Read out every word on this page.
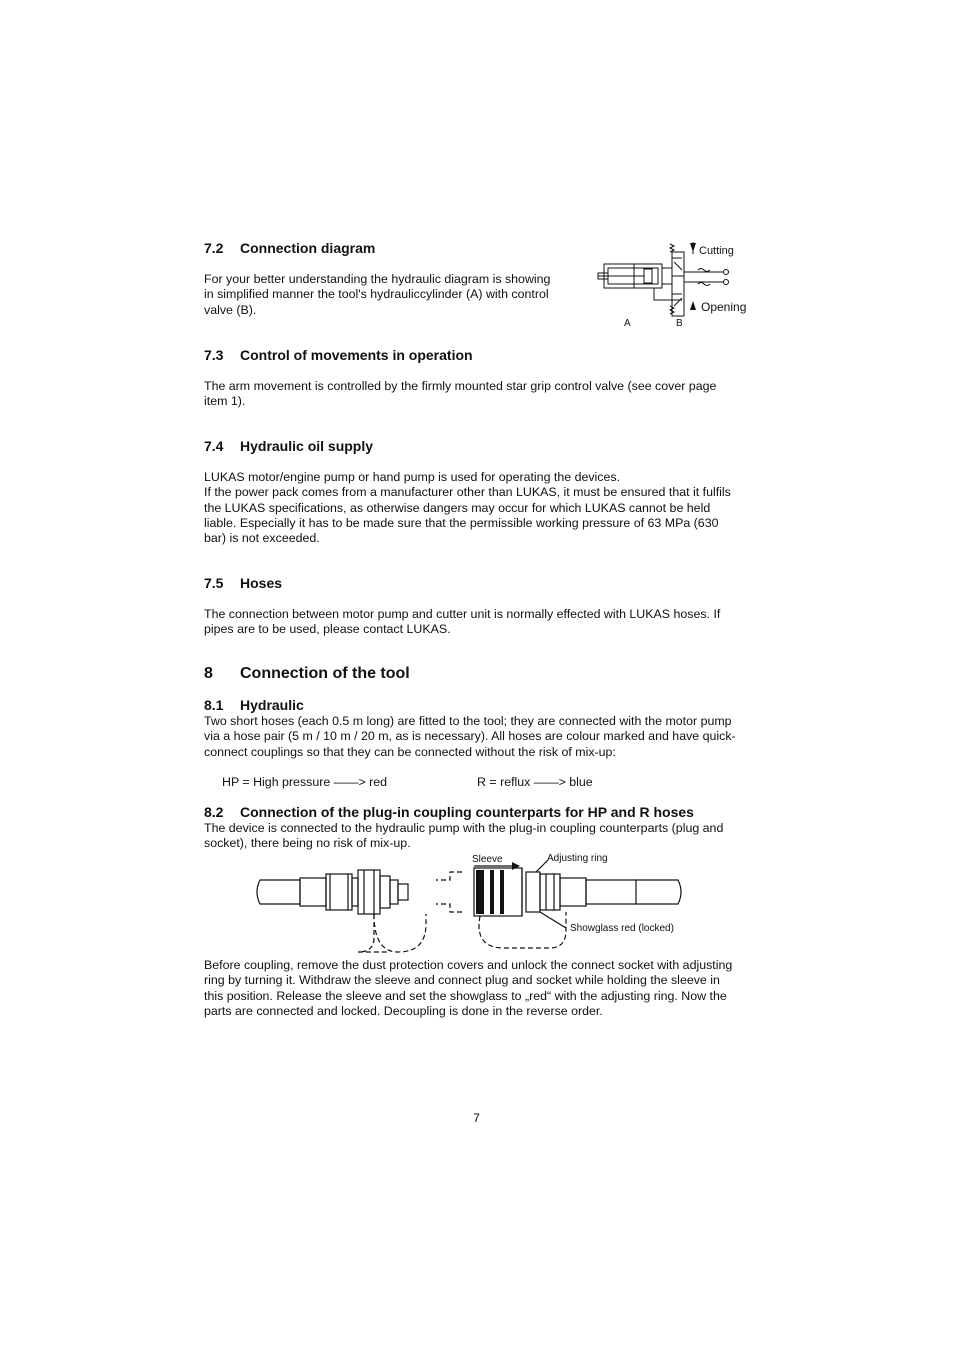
7.2 Connection diagram
For your better understanding the hydraulic diagram is showing
in simplified manner the tool's hydrauliccylinder (A) with control
valve (B).
Cutting
Opening
A	B
7.3 Control of movements in operation
The arm movement is controlled by the firmly mounted star grip control valve (see cover page
item 1).
7.4 Hydraulic oil supply
LUKAS motor/engine pump or hand pump is used for operating the devices.
If the power pack comes from a manufacturer other than LUKAS, it must be ensured that it fulfils
the LUKAS specifications, as otherwise dangers may occur for which LUKAS cannot be held
liable. Especially it has to be made sure that the permissible working pressure of 63 MPa (630
bar) is not exceeded.
7.5 Hoses
The connection between motor pump and cutter unit is normally effected with LUKAS hoses. If
pipes are to be used, please contact LUKAS.
8 Connection of the tool
8.1 Hydraulic
Two short hoses (each 0.5 m long) are fitted to the tool; they are connected with the motor pump
via a hose pair (5 m / 10 m / 20 m, as is necessary). All hoses are colour marked and have quick-
connect couplings so that they can be connected without the risk of mix-up:
HP = High pressure ——> red	R = reflux ——> blue
8.2 Connection of the plug-in coupling counterparts for HP and R hoses
The device is connected to the hydraulic pump with the plug-in coupling counterparts (plug and
socket), there being no risk of mix-up.
Sleeve	Adjusting ring
Showglass red (locked)
Before coupling, remove the dust protection covers and unlock the connect socket with adjusting
ring by turning it. Withdraw the sleeve and connect plug and socket while holding the sleeve in
this position. Release the sleeve and set the showglass to „red“ with the adjusting ring. Now the
parts are connected and locked. Decoupling is done in the reverse order.
7
